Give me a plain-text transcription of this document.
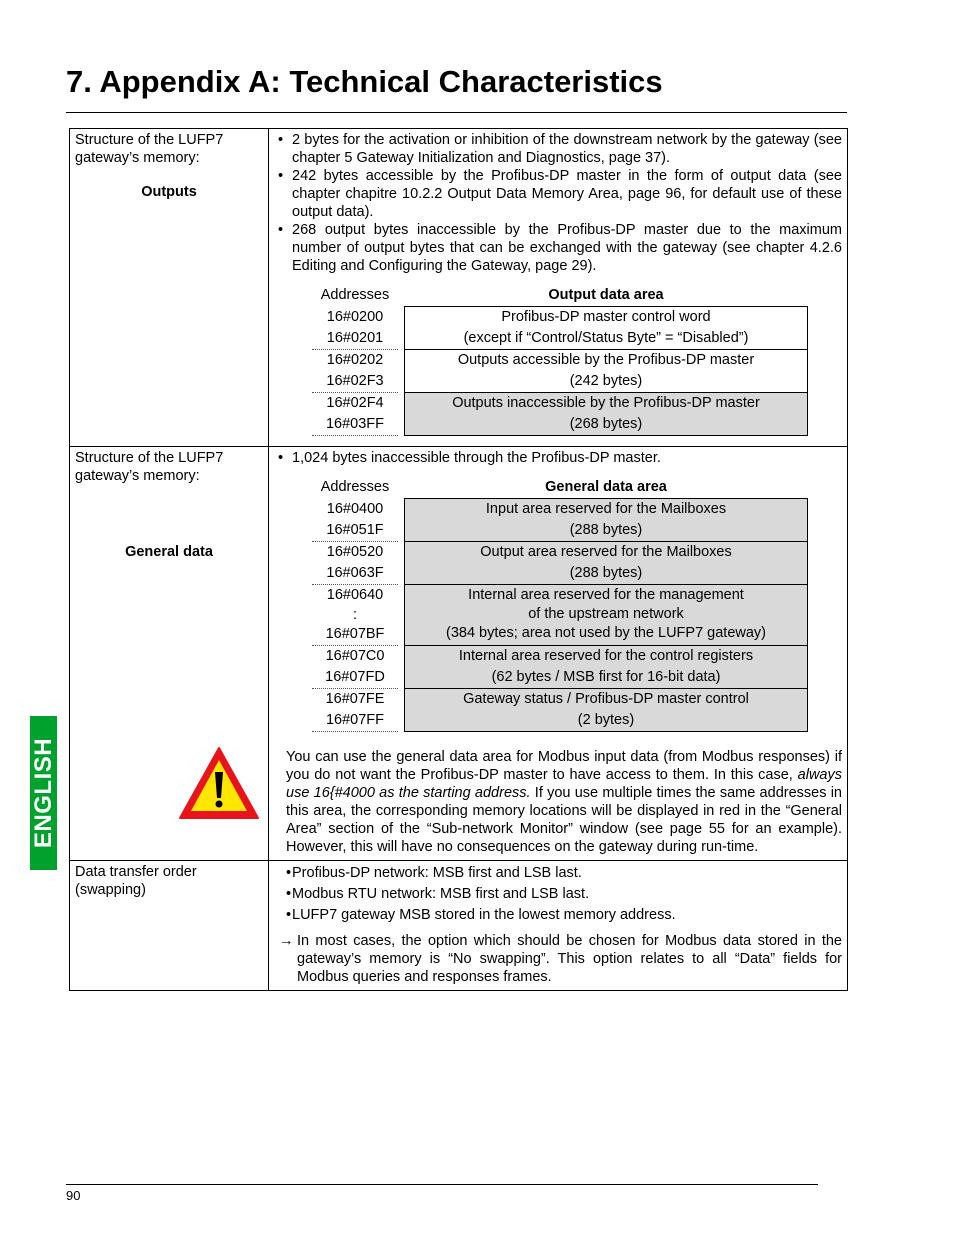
7. Appendix A: Technical Characteristics

Structure of the LUFP7 gateway’s memory:

Outputs

• 2 bytes for the activation or inhibition of the downstream network by the gateway (see chapter 5 Gateway Initialization and Diagnostics, page 37).
• 242 bytes accessible by the Profibus-DP master in the form of output data (see chapter chapitre 10.2.2 Output Data Memory Area, page 96, for default use of these output data).
• 268 output bytes inaccessible by the Profibus-DP master due to the maximum number of output bytes that can be exchanged with the gateway (see chapter 4.2.6 Editing and Configuring the Gateway, page 29).
Addresses		Output data area

16#0200
16#0201

Profibus-DP master control word
(except if “Control/Status Byte” = “Disabled”)

16#0202
16#02F3

Outputs accessible by the Profibus-DP master
(242 bytes)

16#02F4
16#03FF

Outputs inaccessible by the Profibus-DP master
(268 bytes)

Structure of the LUFP7 gateway’s memory:

General data

• 1,024 bytes inaccessible through the Profibus-DP master.
Addresses		General data area

16#0400
16#051F

Input area reserved for the Mailboxes
(288 bytes)

16#0520
16#063F

Output area reserved for the Mailboxes
(288 bytes)

16#0640
:
16#07BF

Internal area reserved for the management
of the upstream network
(384 bytes; area not used by the LUFP7 gateway)

16#07C0
16#07FD

Internal area reserved for the control registers
(62 bytes / MSB first for 16-bit data)

16#07FE
16#07FF

Gateway status / Profibus-DP master control
(2 bytes)

You can use the general data area for Modbus input data (from Modbus responses) if you do not want the Profibus-DP master to have access to them. In this case, always use 16{#4000 as the starting address. If you use multiple times the same addresses in this area, the corresponding memory locations will be displayed in red in the “General Area” section of the “Sub-network Monitor” window (see page 55 for an example). However, this will have no consequences on the gateway during run-time.

Data transfer order (swapping)

• Profibus-DP network: MSB first and LSB last.
• Modbus RTU network: MSB first and LSB last.
• LUFP7 gateway MSB stored in the lowest memory address.

→ In most cases, the option which should be chosen for Modbus data stored in the gateway’s memory is “No swapping”. This option relates to all “Data” fields for Modbus queries and responses frames.

ENGLISH
90
